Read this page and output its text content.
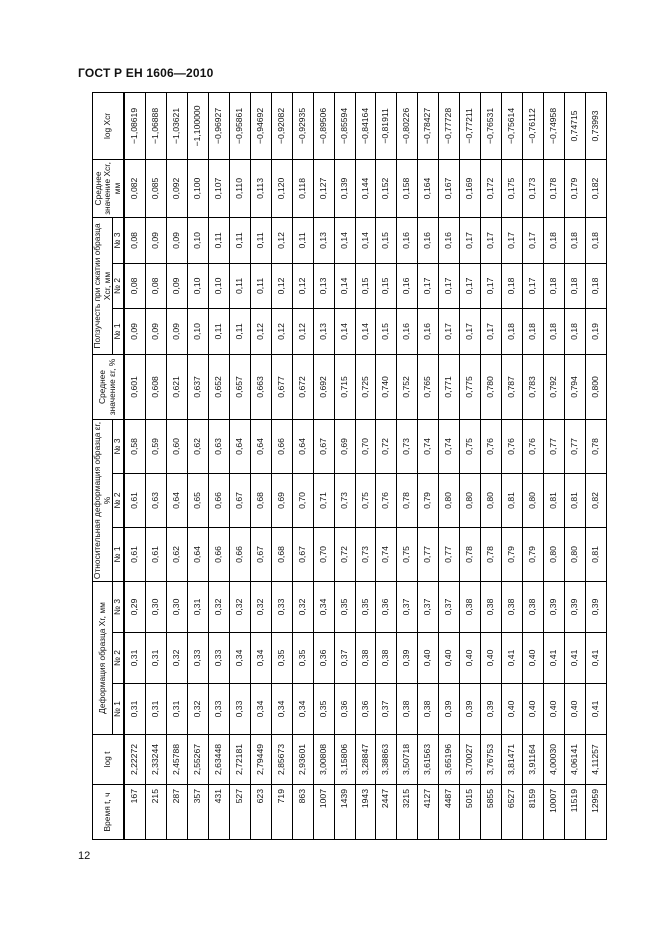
ГОСТ Р ЕН 1606—2010
Время t, ч	log t	Деформация образца Xr, мм			Относительная деформация образца εr, %			Среднее значение εr, %	Ползучесть при сжатии образца Xcr, мм			Среднее значение Xcr, мм	log Xcr
		№ 1	№ 2	№ 3	№ 1	№ 2	№ 3		№ 1	№ 2	№ 3		
167	2,22272	0,31	0,31	0,29	0,61	0,61	0,58	0,601	0,09	0,08	0,08	0,082	−1,08619
215	2,33244	0,31	0,31	0,30	0,61	0,63	0,59	0,608	0,09	0,08	0,09	0,085	−1,06888
287	2,45788	0,31	0,32	0,30	0,62	0,64	0,60	0,621	0,09	0,09	0,09	0,092	−1,03621
357	2,55267	0,32	0,33	0,31	0,64	0,65	0,62	0,637	0,10	0,10	0,10	0,100	−1,100000
431	2,63448	0,33	0,33	0,32	0,66	0,66	0,63	0,652	0,11	0,10	0,11	0,107	−0,96927
527	2,72181	0,33	0,34	0,32	0,66	0,67	0,64	0,657	0,11	0,11	0,11	0,110	−0,95861
623	2,79449	0,34	0,34	0,32	0,67	0,68	0,64	0,663	0,12	0,11	0,11	0,113	−0,94692
719	2,85673	0,34	0,35	0,33	0,68	0,69	0,66	0,677	0,12	0,12	0,12	0,120	−0,92082
863	2,93601	0,34	0,35	0,32	0,67	0,70	0,64	0,672	0,12	0,12	0,11	0,118	−0,92935
1007	3,00808	0,35	0,36	0,34	0,70	0,71	0,67	0,692	0,13	0,13	0,13	0,127	−0,89506
1439	3,15806	0,36	0,37	0,35	0,72	0,73	0,69	0,715	0,14	0,14	0,14	0,139	−0,85594
1943	3,28847	0,36	0,38	0,35	0,73	0,75	0,70	0,725	0,14	0,15	0,14	0,144	−0,84164
2447	3,38863	0,37	0,38	0,36	0,74	0,76	0,72	0,740	0,15	0,15	0,15	0,152	−0,81911
3215	3,50718	0,38	0,39	0,37	0,75	0,78	0,73	0,752	0,16	0,16	0,16	0,158	−0,80226
4127	3,61563	0,38	0,40	0,37	0,77	0,79	0,74	0,765	0,16	0,17	0,16	0,164	−0,78427
4487	3,65196	0,39	0,40	0,37	0,77	0,80	0,74	0,771	0,17	0,17	0,16	0,167	−0,77728
5015	3,70027	0,39	0,40	0,38	0,78	0,80	0,75	0,775	0,17	0,17	0,17	0,169	−0,77211
5855	3,76753	0,39	0,40	0,38	0,78	0,80	0,76	0,780	0,17	0,17	0,17	0,172	−0,76531
6527	3,81471	0,40	0,41	0,38	0,79	0,81	0,76	0,787	0,18	0,18	0,17	0,175	−0,75614
8159	3,91164	0,40	0,40	0,38	0,79	0,80	0,76	0,783	0,18	0,17	0,17	0,173	−0,76112
10007	4,00030	0,40	0,41	0,39	0,80	0,81	0,77	0,792	0,18	0,18	0,18	0,178	−0,74958
11519	4,06141	0,40	0,41	0,39	0,80	0,81	0,77	0,794	0,18	0,18	0,18	0,179	0,74715
12959	4,11257	0,41	0,41	0,39	0,81	0,82	0,78	0,800	0,19	0,18	0,18	0,182	0,73993
12
